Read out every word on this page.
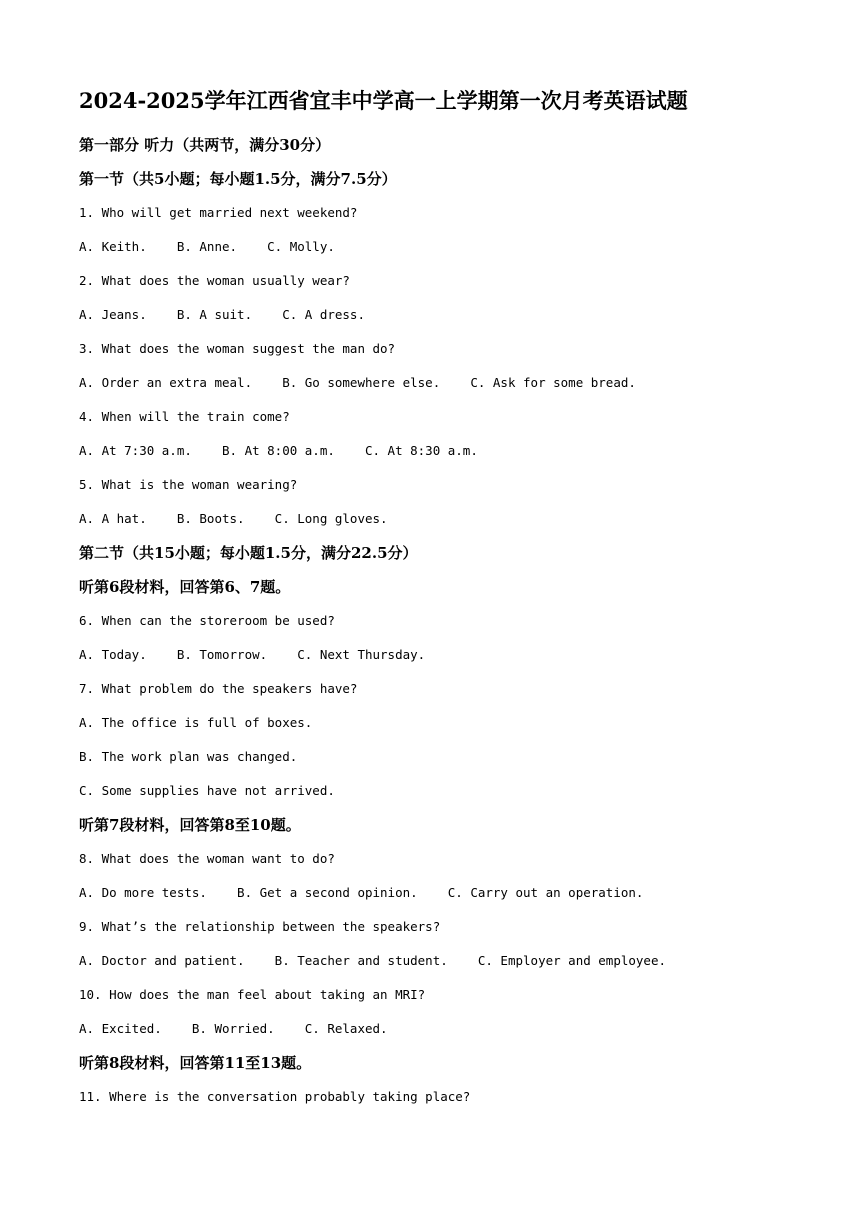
2024-2025学年江西省宜丰中学高一上学期第一次月考英语试题
第一部分 听力（共两节，满分30分）
第一节（共5小题；每小题1.5分，满分7.5分）
1. Who will get married next weekend?
A. Keith.    B. Anne.    C. Molly.
2. What does the woman usually wear?
A. Jeans.    B. A suit.    C. A dress.
3. What does the woman suggest the man do?
A. Order an extra meal.    B. Go somewhere else.    C. Ask for some bread.
4. When will the train come?
A. At 7:30 a.m.    B. At 8:00 a.m.    C. At 8:30 a.m.
5. What is the woman wearing?
A. A hat.    B. Boots.    C. Long gloves.
第二节（共15小题；每小题1.5分，满分22.5分）
听第6段材料，回答第6、7题。
6. When can the storeroom be used?
A. Today.    B. Tomorrow.    C. Next Thursday.
7. What problem do the speakers have?
A. The office is full of boxes.
B. The work plan was changed.
C. Some supplies have not arrived.
听第7段材料，回答第8至10题。
8. What does the woman want to do?
A. Do more tests.    B. Get a second opinion.    C. Carry out an operation.
9. What’s the relationship between the speakers?
A. Doctor and patient.    B. Teacher and student.    C. Employer and employee.
10. How does the man feel about taking an MRI?
A. Excited.    B. Worried.    C. Relaxed.
听第8段材料，回答第11至13题。
11. Where is the conversation probably taking place?
